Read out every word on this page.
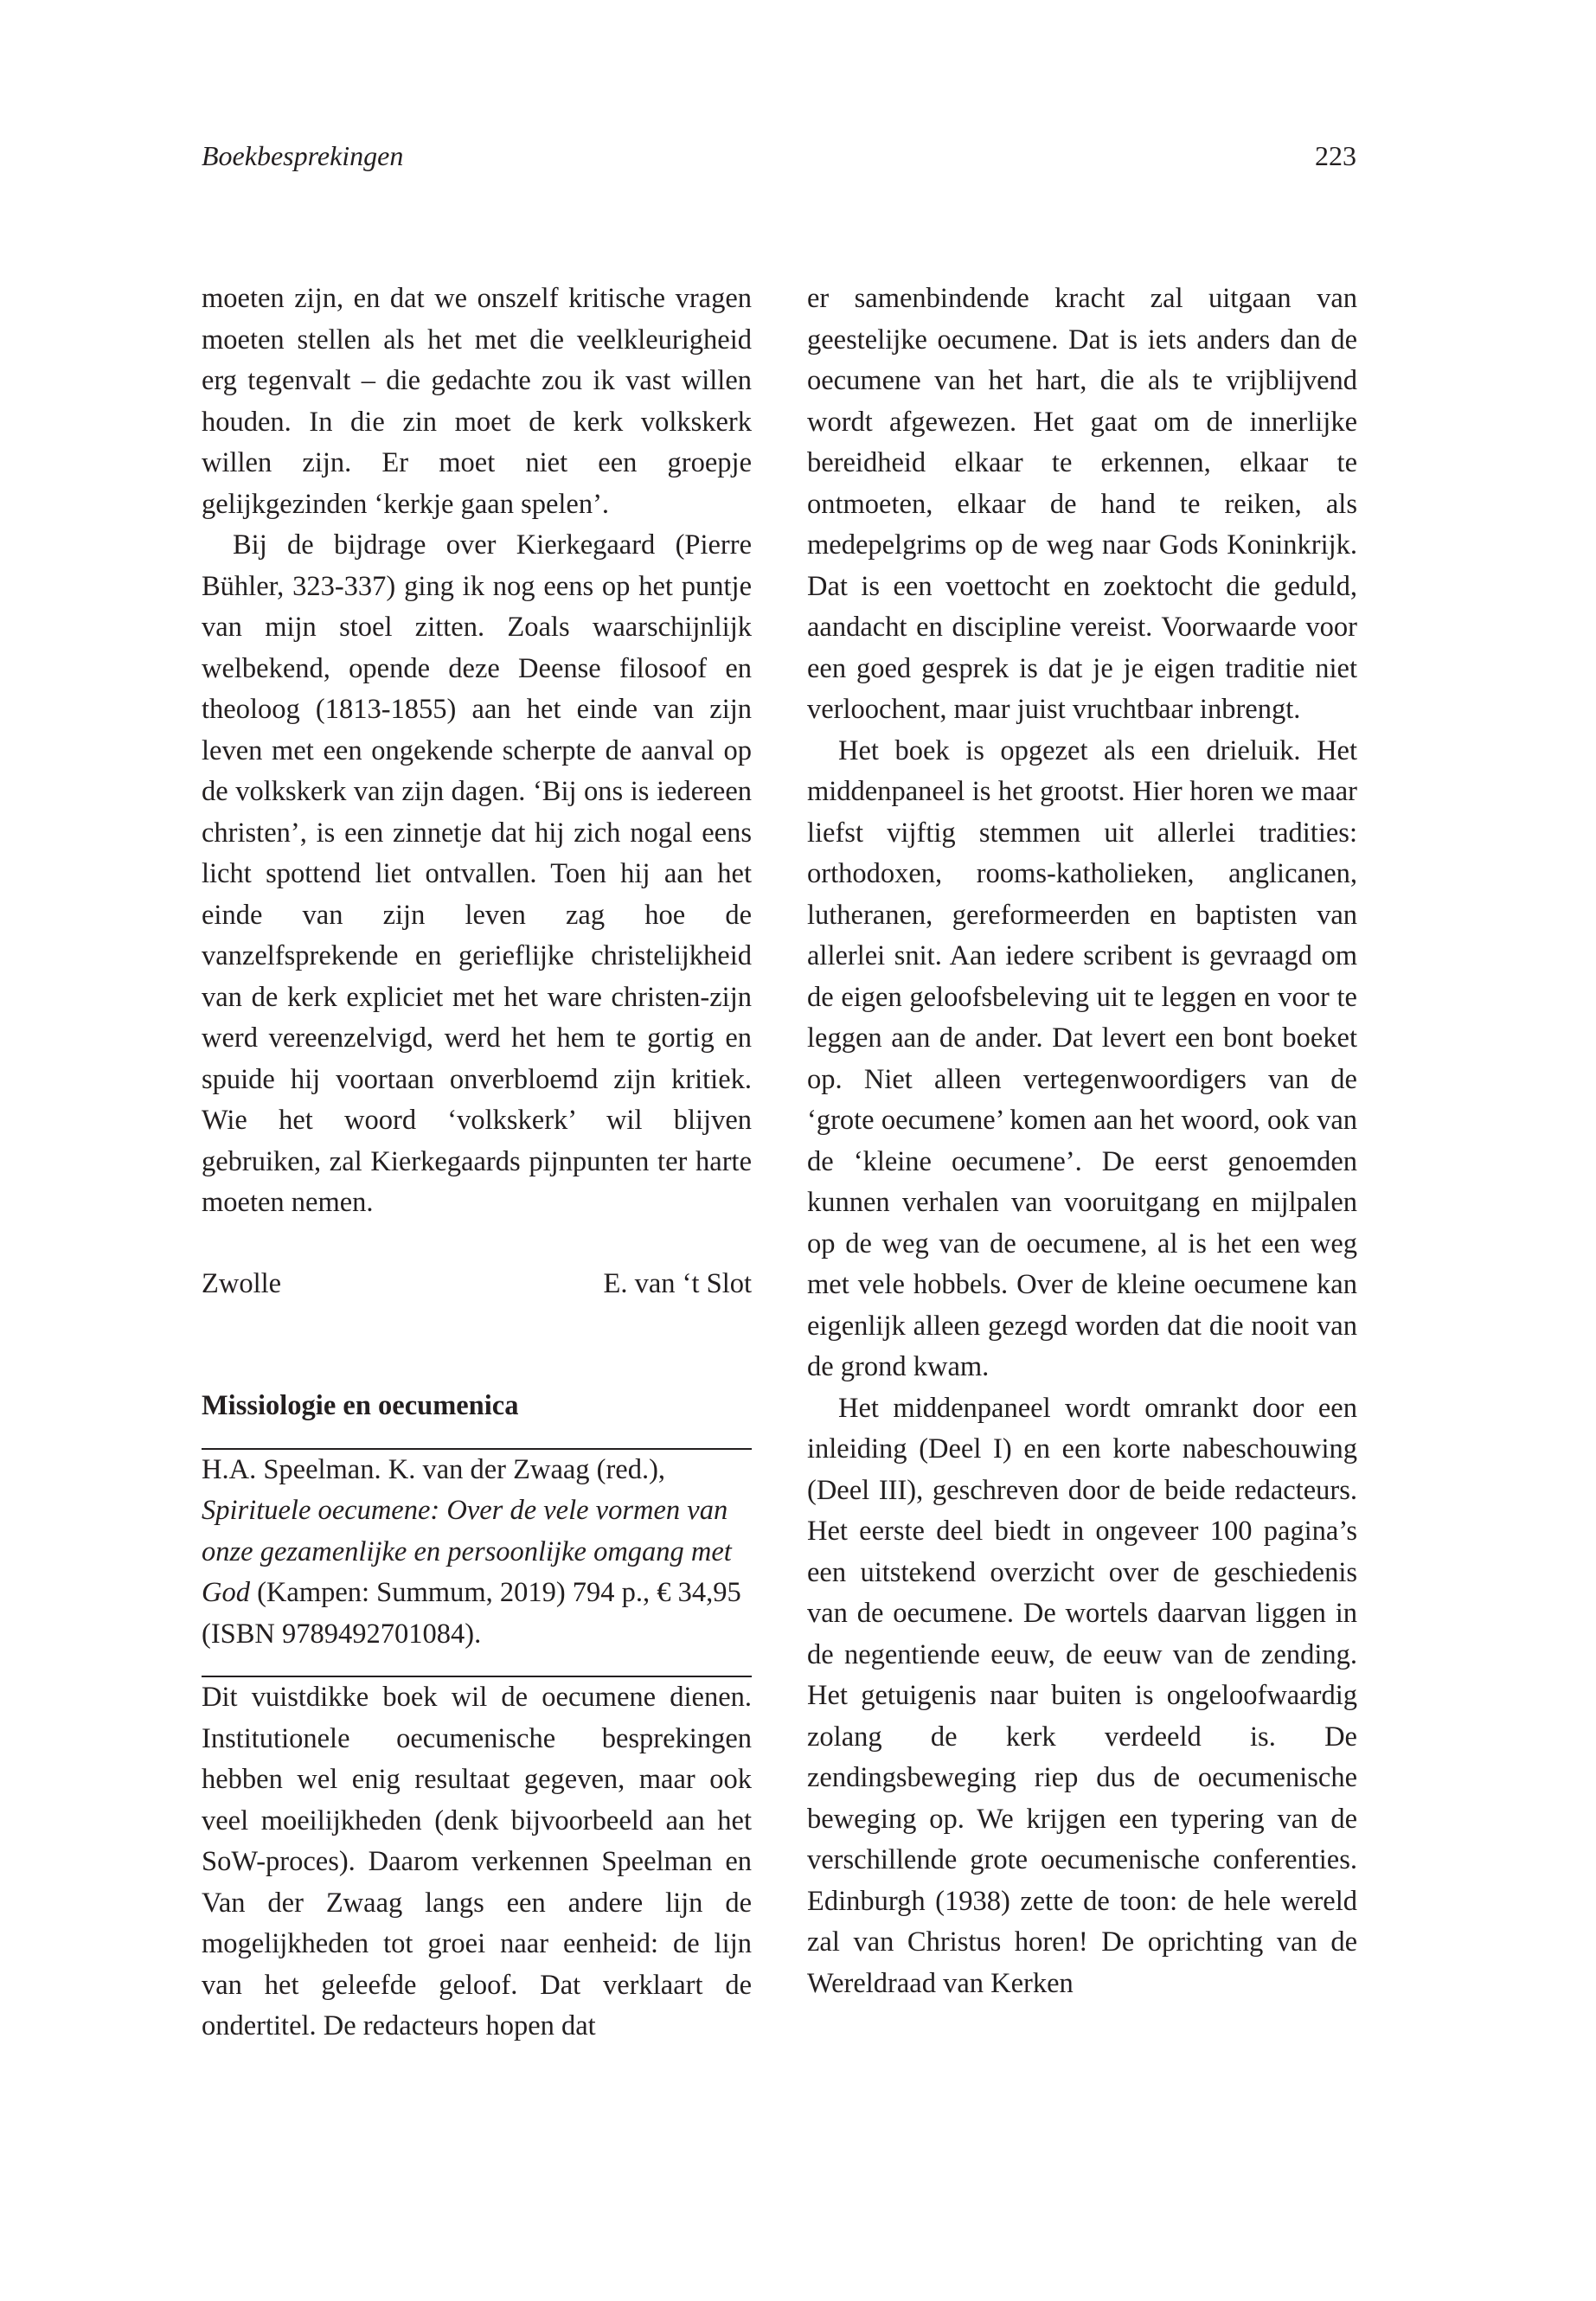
Boekbesprekingen	223

moeten zijn, en dat we onszelf kritische vragen moeten stellen als het met die veelkleurigheid erg tegenvalt – die gedachte zou ik vast willen houden. In die zin moet de kerk volkskerk willen zijn. Er moet niet een groepje gelijkgezinden ‘kerkje gaan spelen’.

Bij de bijdrage over Kierkegaard (Pierre Bühler, 323-337) ging ik nog eens op het puntje van mijn stoel zitten. Zoals waarschijnlijk welbekend, opende deze Deense filosoof en theoloog (1813-1855) aan het einde van zijn leven met een ongekende scherpte de aanval op de volkskerk van zijn dagen. ‘Bij ons is iedereen christen’, is een zinnetje dat hij zich nogal eens licht spottend liet ontvallen. Toen hij aan het einde van zijn leven zag hoe de vanzelfsprekende en gerieflijke christelijkheid van de kerk expliciet met het ware christen-zijn werd vereenzelvigd, werd het hem te gortig en spuide hij voortaan onverbloemd zijn kritiek. Wie het woord ‘volkskerk’ wil blijven gebruiken, zal Kierkegaards pijnpunten ter harte moeten nemen.

Zwolle	E. van ‘t Slot
Missiologie en oecumenica

H.A. Speelman. K. van der Zwaag (red.), Spirituele oecumene: Over de vele vormen van onze gezamenlijke en persoonlijke omgang met God (Kampen: Summum, 2019) 794 p., € 34,95 (ISBN 9789492701084).

Dit vuistdikke boek wil de oecumene dienen. Institutionele oecumenische besprekingen hebben wel enig resultaat gegeven, maar ook veel moeilijkheden (denk bijvoorbeeld aan het SoW-proces). Daarom verkennen Speelman en Van der Zwaag langs een andere lijn de mogelijkheden tot groei naar eenheid: de lijn van het geleefde geloof. Dat verklaart de ondertitel. De redacteurs hopen dat

er samenbindende kracht zal uitgaan van geestelijke oecumene. Dat is iets anders dan de oecumene van het hart, die als te vrijblijvend wordt afgewezen. Het gaat om de innerlijke bereidheid elkaar te erkennen, elkaar te ontmoeten, elkaar de hand te reiken, als medepelgrims op de weg naar Gods Koninkrijk. Dat is een voettocht en zoektocht die geduld, aandacht en discipline vereist. Voorwaarde voor een goed gesprek is dat je je eigen traditie niet verloochent, maar juist vruchtbaar inbrengt.

Het boek is opgezet als een drieluik. Het middenpaneel is het grootst. Hier horen we maar liefst vijftig stemmen uit allerlei tradities: orthodoxen, rooms-katholieken, anglicanen, lutheranen, gereformeerden en baptisten van allerlei snit. Aan iedere scribent is gevraagd om de eigen geloofsbeleving uit te leggen en voor te leggen aan de ander. Dat levert een bont boeket op. Niet alleen vertegenwoordigers van de ‘grote oecumene’ komen aan het woord, ook van de ‘kleine oecumene’. De eerst genoemden kunnen verhalen van vooruitgang en mijlpalen op de weg van de oecumene, al is het een weg met vele hobbels. Over de kleine oecumene kan eigenlijk alleen gezegd worden dat die nooit van de grond kwam.

Het middenpaneel wordt omrankt door een inleiding (Deel I) en een korte nabeschouwing (Deel III), geschreven door de beide redacteurs. Het eerste deel biedt in ongeveer 100 pagina’s een uitstekend overzicht over de geschiedenis van de oecumene. De wortels daarvan liggen in de negentiende eeuw, de eeuw van de zending. Het getuigenis naar buiten is ongeloofwaardig zolang de kerk verdeeld is. De zendingsbeweging riep dus de oecumenische beweging op. We krijgen een typering van de verschillende grote oecumenische conferenties. Edinburgh (1938) zette de toon: de hele wereld zal van Christus horen! De oprichting van de Wereldraad van Kerken
